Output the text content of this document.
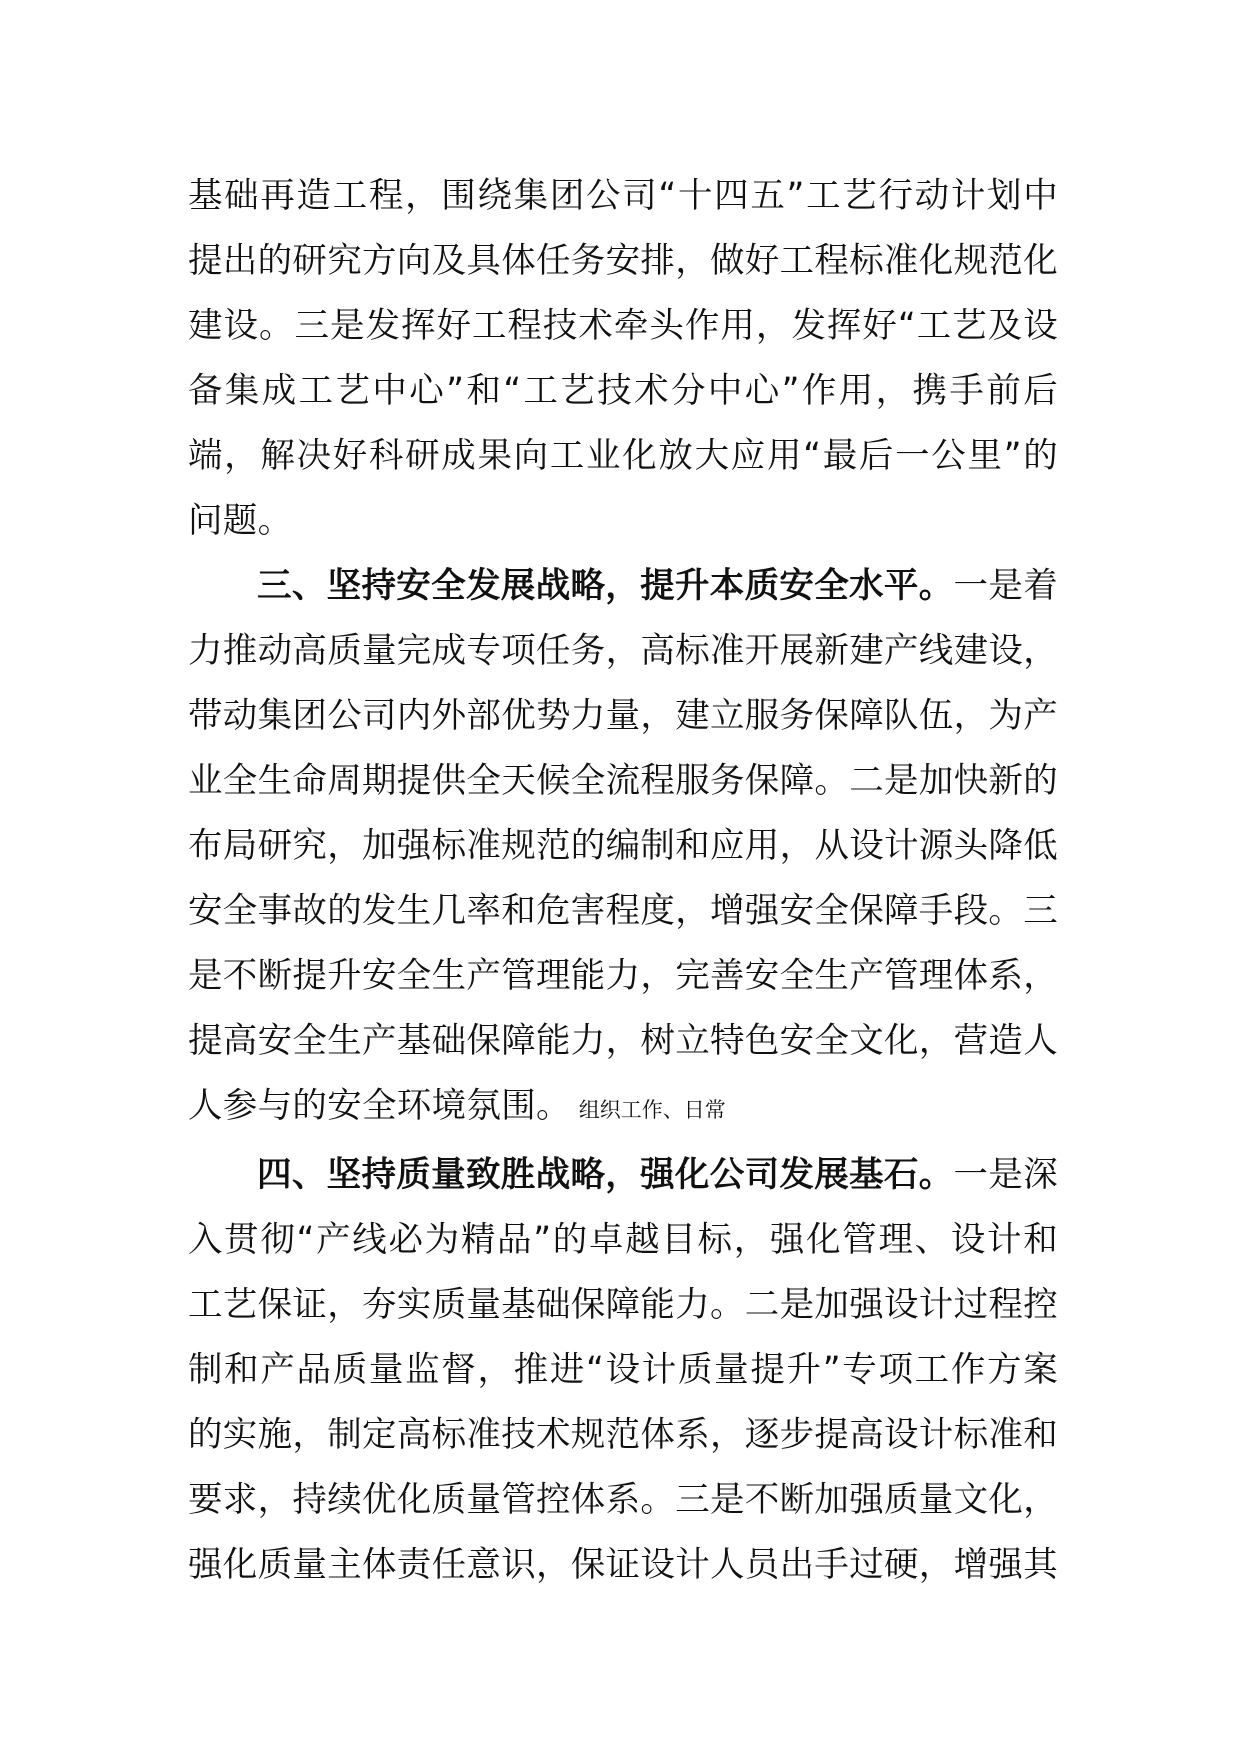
基础再造工程，围绕集团公司“十四五”工艺行动计划中提出的研究方向及具体任务安排，做好工程标准化规范化建设。三是发挥好工程技术牵头作用，发挥好“工艺及设备集成工艺中心”和“工艺技术分中心”作用，携手前后端，解决好科研成果向工业化放大应用“最后一公里”的问题。

三、坚持安全发展战略，提升本质安全水平。一是着力推动高质量完成专项任务，高标准开展新建产线建设，带动集团公司内外部优势力量，建立服务保障队伍，为产业全生命周期提供全天候全流程服务保障。二是加快新的布局研究，加强标准规范的编制和应用，从设计源头降低安全事故的发生几率和危害程度，增强安全保障手段。三是不断提升安全生产管理能力，完善安全生产管理体系，提高安全生产基础保障能力，树立特色安全文化，营造人人参与的安全环境氛围。 组织工作、日常

四、坚持质量致胜战略，强化公司发展基石。一是深入贯彻“产线必为精品”的卓越目标，强化管理、设计和工艺保证，夯实质量基础保障能力。二是加强设计过程控制和产品质量监督，推进“设计质量提升”专项工作方案的实施，制定高标准技术规范体系，逐步提高设计标准和要求，持续优化质量管控体系。三是不断加强质量文化，强化质量主体责任意识，保证设计人员出手过硬，增强其
